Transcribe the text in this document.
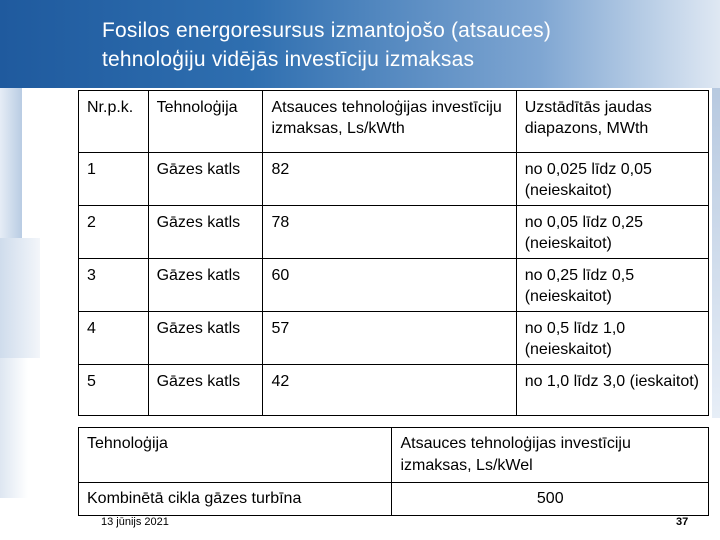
Fosilos energoresursus izmantojošo (atsauces)
tehnoloģiju vidējās investīciju izmaksas
Nr.p.k.	Tehnoloģija	Atsauces tehnoloģijas investīciju izmaksas, Ls/kWth	Uzstādītās jaudas diapazons, MWth
1	Gāzes katls	82	no 0,025 līdz 0,05 (neieskaitot)
2	Gāzes katls	78	no 0,05 līdz 0,25 (neieskaitot)
3	Gāzes katls	60	no 0,25 līdz 0,5 (neieskaitot)
4	Gāzes katls	57	no 0,5 līdz 1,0 (neieskaitot)
5	Gāzes katls	42	no 1,0 līdz 3,0 (ieskaitot)
Tehnoloģija	Atsauces tehnoloģijas investīciju izmaksas, Ls/kWel
Kombinētā cikla gāzes turbīna	500
13 jūnijs 2021	37
